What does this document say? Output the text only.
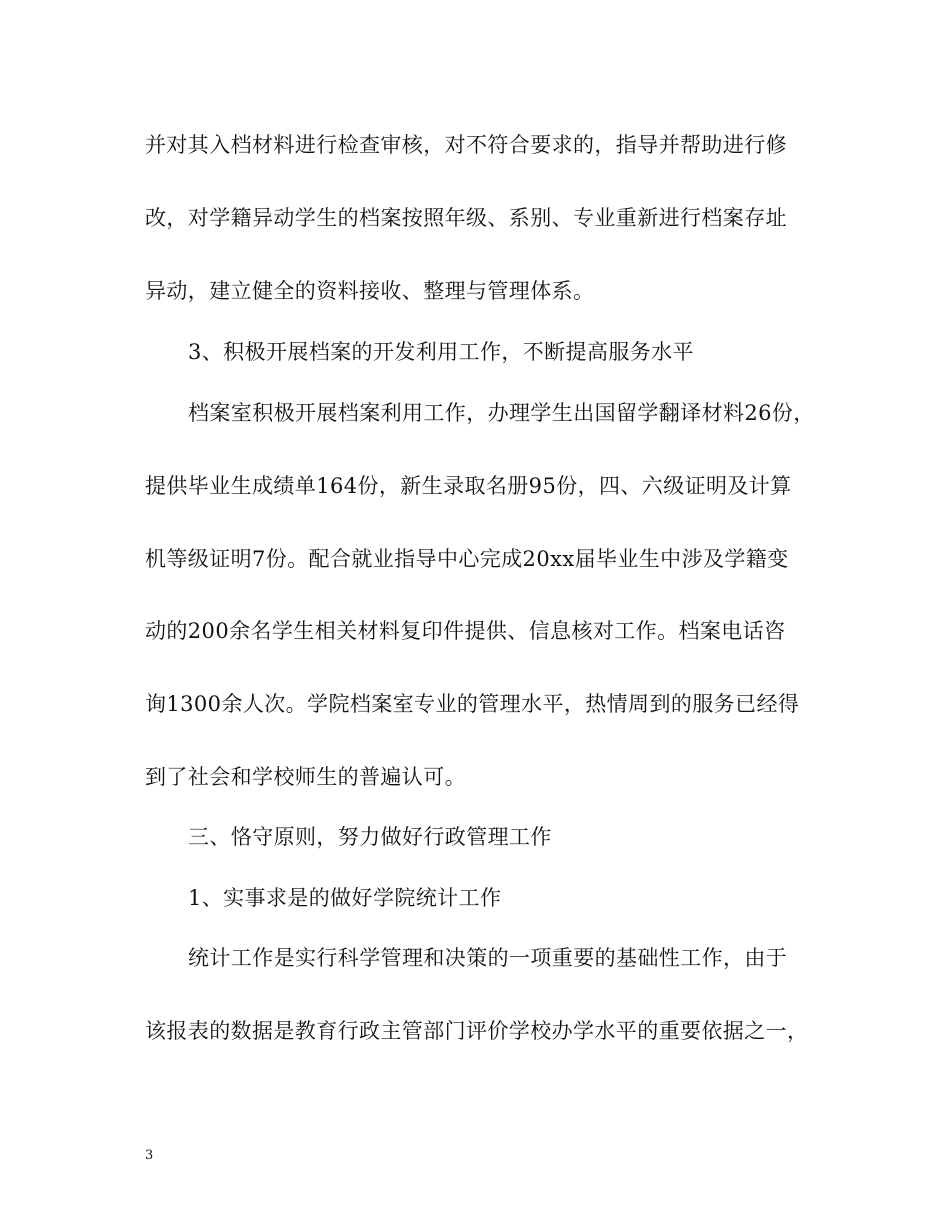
并对其入档材料进行检查审核，对不符合要求的，指导并帮助进行修
改，对学籍异动学生的档案按照年级、系别、专业重新进行档案存址
异动，建立健全的资料接收、整理与管理体系。
3、积极开展档案的开发利用工作，不断提高服务水平
档案室积极开展档案利用工作，办理学生出国留学翻译材料26份，
提供毕业生成绩单164份，新生录取名册95份，四、六级证明及计算
机等级证明7份。配合就业指导中心完成20xx届毕业生中涉及学籍变
动的200余名学生相关材料复印件提供、信息核对工作。档案电话咨
询1300余人次。学院档案室专业的管理水平，热情周到的服务已经得
到了社会和学校师生的普遍认可。
三、恪守原则，努力做好行政管理工作
1、实事求是的做好学院统计工作
统计工作是实行科学管理和决策的一项重要的基础性工作，由于
该报表的数据是教育行政主管部门评价学校办学水平的重要依据之一，
3
